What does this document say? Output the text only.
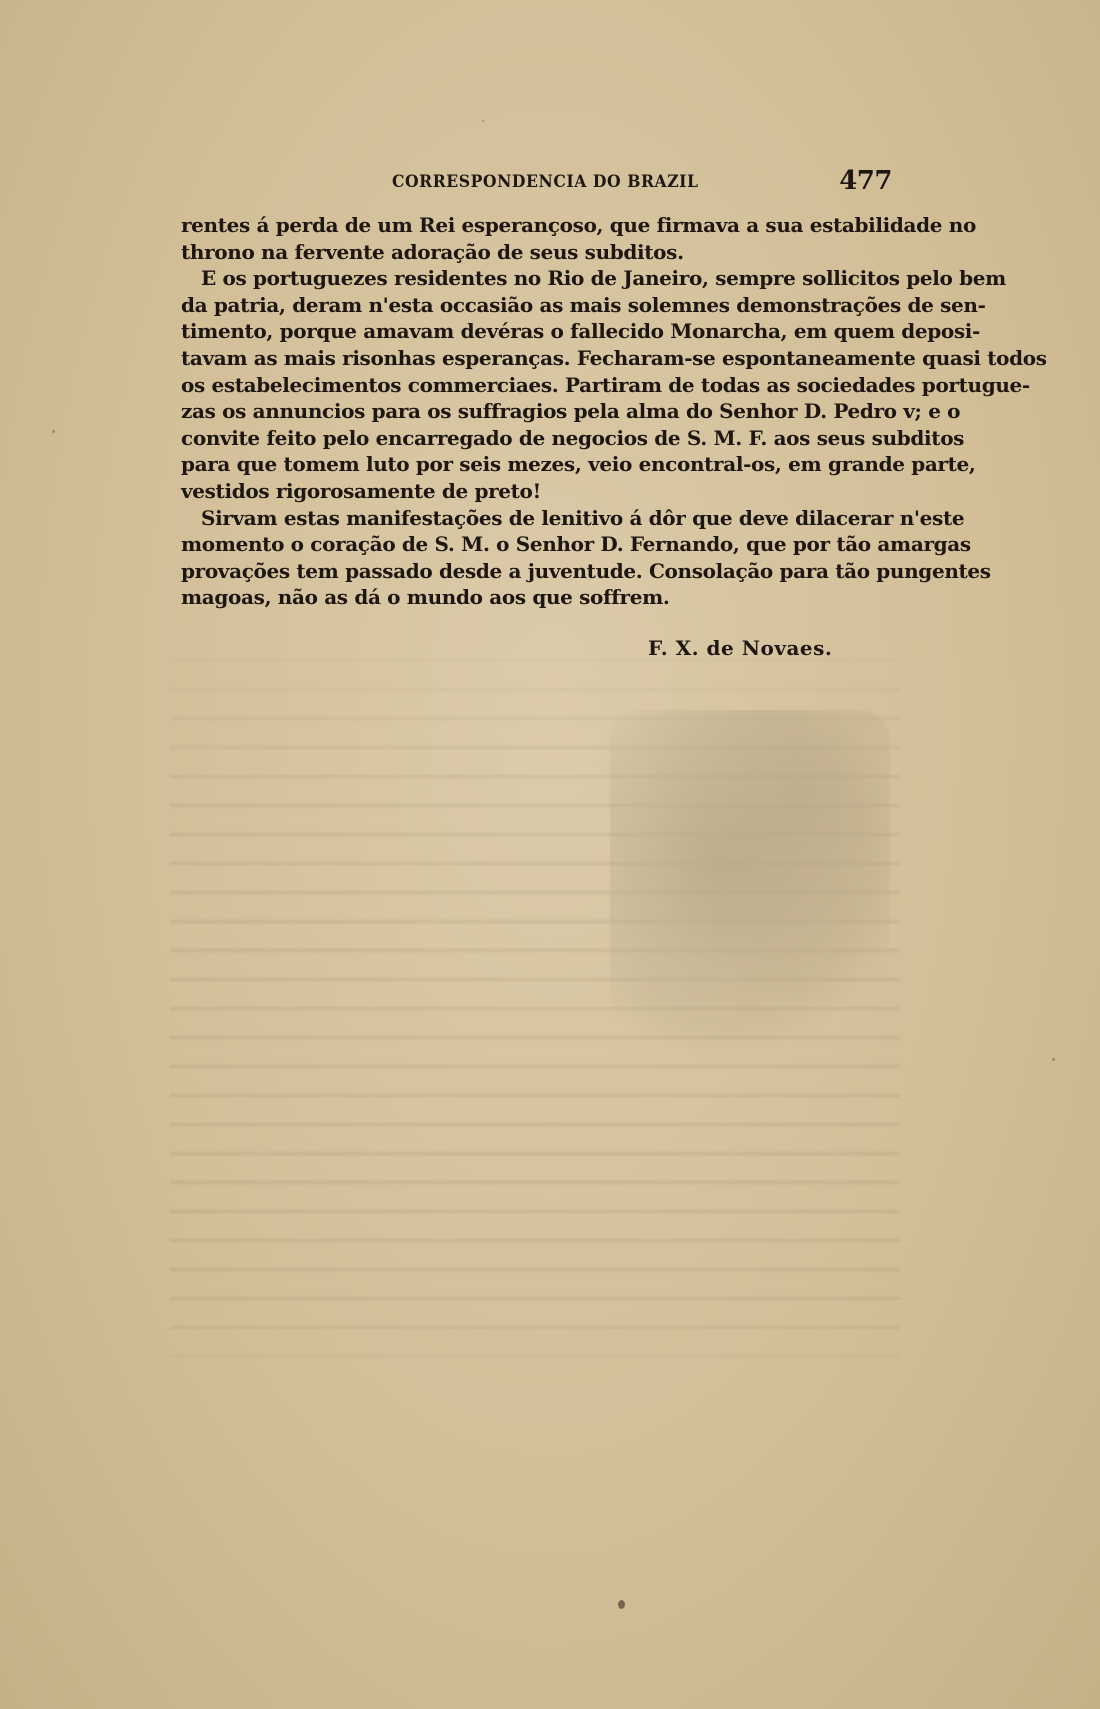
CORRESPONDENCIA DO BRAZIL	477
rentes á perda de um Rei esperançoso, que firmava a sua estabilidade no
throno na fervente adoração de seus subditos.
E os portuguezes residentes no Rio de Janeiro, sempre sollicitos pelo bem
da patria, deram n'esta occasião as mais solemnes demonstrações de sen-
timento, porque amavam devéras o fallecido Monarcha, em quem deposi-
tavam as mais risonhas esperanças. Fecharam-se espontaneamente quasi todos
os estabelecimentos commerciaes. Partiram de todas as sociedades portugue-
zas os annuncios para os suffragios pela alma do Senhor D. Pedro v; e o
convite feito pelo encarregado de negocios de S. M. F. aos seus subditos
para que tomem luto por seis mezes, veio encontral-os, em grande parte,
vestidos rigorosamente de preto!
Sirvam estas manifestações de lenitivo á dôr que deve dilacerar n'este
momento o coração de S. M. o Senhor D. Fernando, que por tão amargas
provações tem passado desde a juventude. Consolação para tão pungentes
magoas, não as dá o mundo aos que soffrem.
F. X. de Novaes.
